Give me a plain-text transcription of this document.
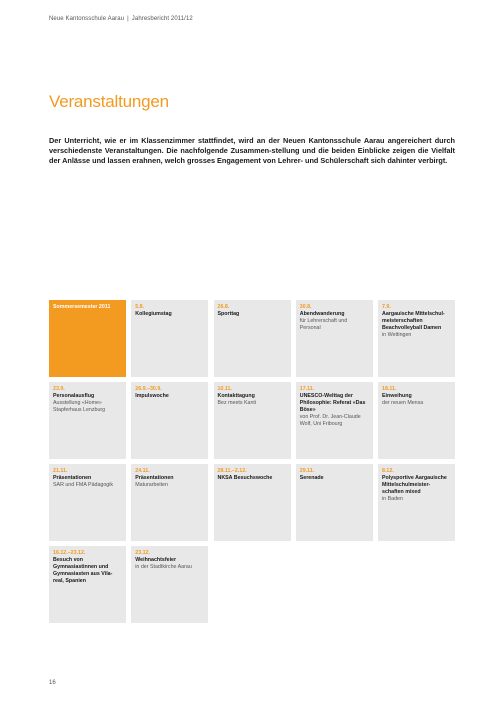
Neue Kantonsschule Aarau | Jahresbericht 2011/12
Veranstaltungen

Der Unterricht, wie er im Klassenzimmer stattfindet, wird an der Neuen Kantonsschule Aarau angereichert durch verschiedenste Veranstaltungen. Die nachfolgende Zusammen-stellung und die beiden Einblicke zeigen die Vielfalt der Anlässe und lassen erahnen, welch grosses Engagement von Lehrer- und Schülerschaft sich dahinter verbirgt.

Sommersemester 2011	5.8.
Kollegiumstag
26.8.
Sporttag
30.8.
Abendwanderung
für Lehrerschaft und Personal
7.9.
Aargauische Mittelschul-meisterschaften Beachvolleyball Damen
in Wettingen
23.9.
Personalausflug
Ausstellung «Home» Stapferhaus Lenzburg
26.9.–30.9.
Impulswoche
10.11.
Kontakttagung
Bez meets Kanti
17.11.
UNESCO-Welttag der Philosophie: Referat «Das Böse»
von Prof. Dr. Jean-Claude Wolf, Uni Fribourg
18.11.
Einweihung
der neuen Mensa
21.11.
Präsentationen
SAR und FMA Pädagogik
24.11.
Präsentationen
Maturarbeiten
28.11.–2.12.
NKSA Besuchswoche
29.11.
Serenade
8.12.
Polysportive Aargauische Mittelschulmeister-schaften mixed
in Baden
16.12.–23.12.
Besuch von Gymnasiastinnen und Gymnasiasten aus Vila-real, Spanien
23.12.
Weihnachtsfeier
in der Stadtkirche Aarau
16
